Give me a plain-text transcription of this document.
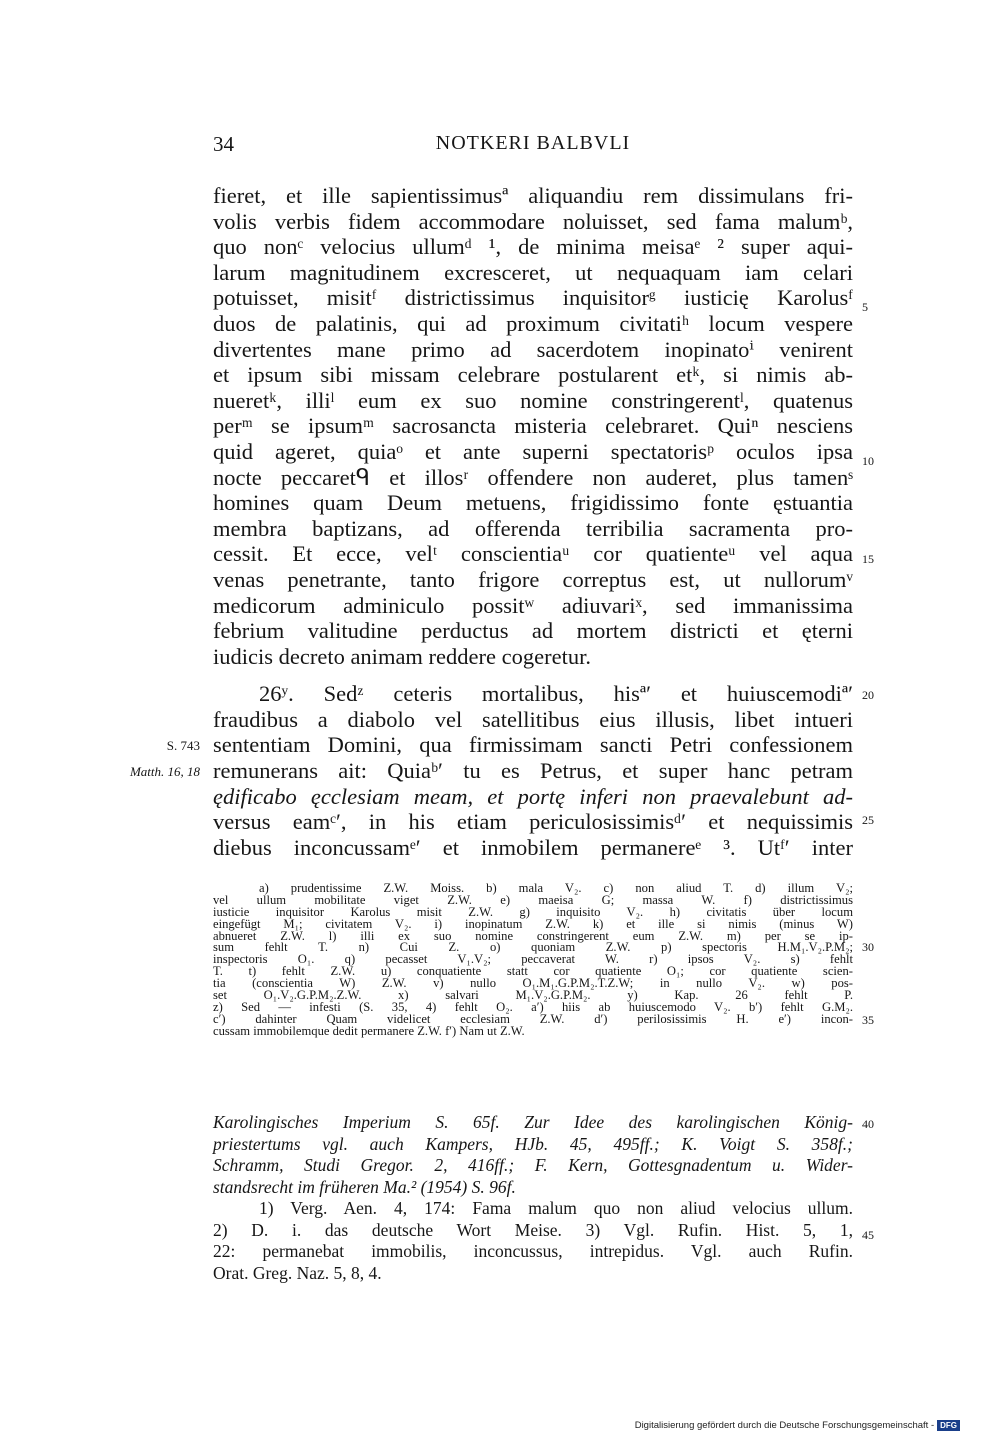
34	NOTKERI BALBVLI
fieret, et ille sapientissimusª aliquandiu rem dissimulans fri-
volis verbis fidem accommodare noluisset, sed fama malumᵇ,
quo nonᶜ velocius ullumᵈ ¹, de minima meisaᵉ ² super aqui-
larum magnitudinem excresceret, ut nequaquam iam celari
potuisset, misitᶠ districtissimus inquisitorᵍ iusticię Karolusᶠ
duos de palatinis, qui ad proximum civitatiʰ locum vespere
divertentes mane primo ad sacerdotem inopinatoⁱ venirent
et ipsum sibi missam celebrare postularent etᵏ, si nimis ab-
nueretᵏ, illiˡ eum ex suo nomine constringerentˡ, quatenus
perᵐ se ipsumᵐ sacrosancta misteria celebraret. Quiⁿ nesciens
quid ageret, quiaᵒ et ante superni spectatorisᵖ oculos ipsa
nocte peccaretᑫ et illosʳ offendere non auderet, plus tamenˢ
homines quam Deum metuens, frigidissimo fonte ęstuantia
membra baptizans, ad offerenda terribilia sacramenta pro-
cessit. Et ecce, velᵗ conscientiaᵘ cor quatienteᵘ vel aqua
venas penetrante, tanto frigore correptus est, ut nullorumᵛ
medicorum adminiculo possitʷ adiuvariˣ, sed immanissima
febrium valitudine perductus ad mortem districti et ęterni
iudicis decreto animam reddere cogeretur.
26ʸ. Sedᶻ ceteris mortalibus, hisª′ et huiuscemodiª′
fraudibus a diabolo vel satellitibus eius illusis, libet intueri
sententiam Domini, qua firmissimam sancti Petri confessionem
remunerans ait: Quiaᵇ′ tu es Petrus, et super hanc petram
ędificabo ęcclesiam meam, et portę inferi non praevalebunt ad-
versus eamᶜ′, in his etiam periculosissimisᵈ′ et nequissimis
diebus inconcussamᵉ′ et inmobilem permanereᵉ ³. Utᶠ′ inter
5
10
15
20
25
30
35
40
45
S. 743
Matth. 16, 18
a) prudentissime Z.W. Moiss. b) mala V₂. c) non aliud T. d) illum V₂;
vel ullum mobilitate viget Z.W. e) maeisa G; massa W. f) districtissimus
iusticie inquisitor Karolus misit Z.W. g) inquisito V₂. h) civitatis über locum
eingefügt M₁; civitatem V₂. i) inopinatum Z.W. k) et ille si nimis (minus W)
abnueret Z.W. l) illi ex suo nomine constringerent eum Z.W. m) per se ip-
sum fehlt T. n) Cui Z. o) quoniam Z.W. p) spectoris H.M₁.V₂.P.M₂;
inspectoris O₁. q) pecasset V₁.V₂; peccaverat W. r) ipsos V₂. s) fehlt
T. t) fehlt Z.W. u) conquatiente statt cor quatiente O₁; cor quatiente scien-
tia (conscientia W) Z.W. v) nullo O₁.M₁.G.P.M₂.T.Z.W; in nullo V₂. w) pos-
set O₁.V₂.G.P.M₂.Z.W. x) salvari M₁.V₂.G.P.M₂. y) Kap. 26 fehlt P.
z) Sed — infesti (S. 35, 4) fehlt O₂. a′) hiis ab huiuscemodo V₂. b′) fehlt G.M₂.
c′) dahinter Quam videlicet ecclesiam Z.W. d′) perilosissimis H. e′) incon-
cussam immobilemque dedit permanere Z.W. f′) Nam ut Z.W.
Karolingisches Imperium S. 65f. Zur Idee des karolingischen König-
priestertums vgl. auch Kampers, HJb. 45, 495ff.; K. Voigt S. 358f.;
Schramm, Studi Gregor. 2, 416ff.; F. Kern, Gottesgnadentum u. Wider-
standsrecht im früheren Ma.² (1954) S. 96f.
1) Verg. Aen. 4, 174: Fama malum quo non aliud velocius ullum.
2) D. i. das deutsche Wort Meise. 3) Vgl. Rufin. Hist. 5, 1,
22: permanebat immobilis, inconcussus, intrepidus. Vgl. auch Rufin.
Orat. Greg. Naz. 5, 8, 4.
Digitalisierung gefördert durch die Deutsche Forschungsgemeinschaft - DFG
